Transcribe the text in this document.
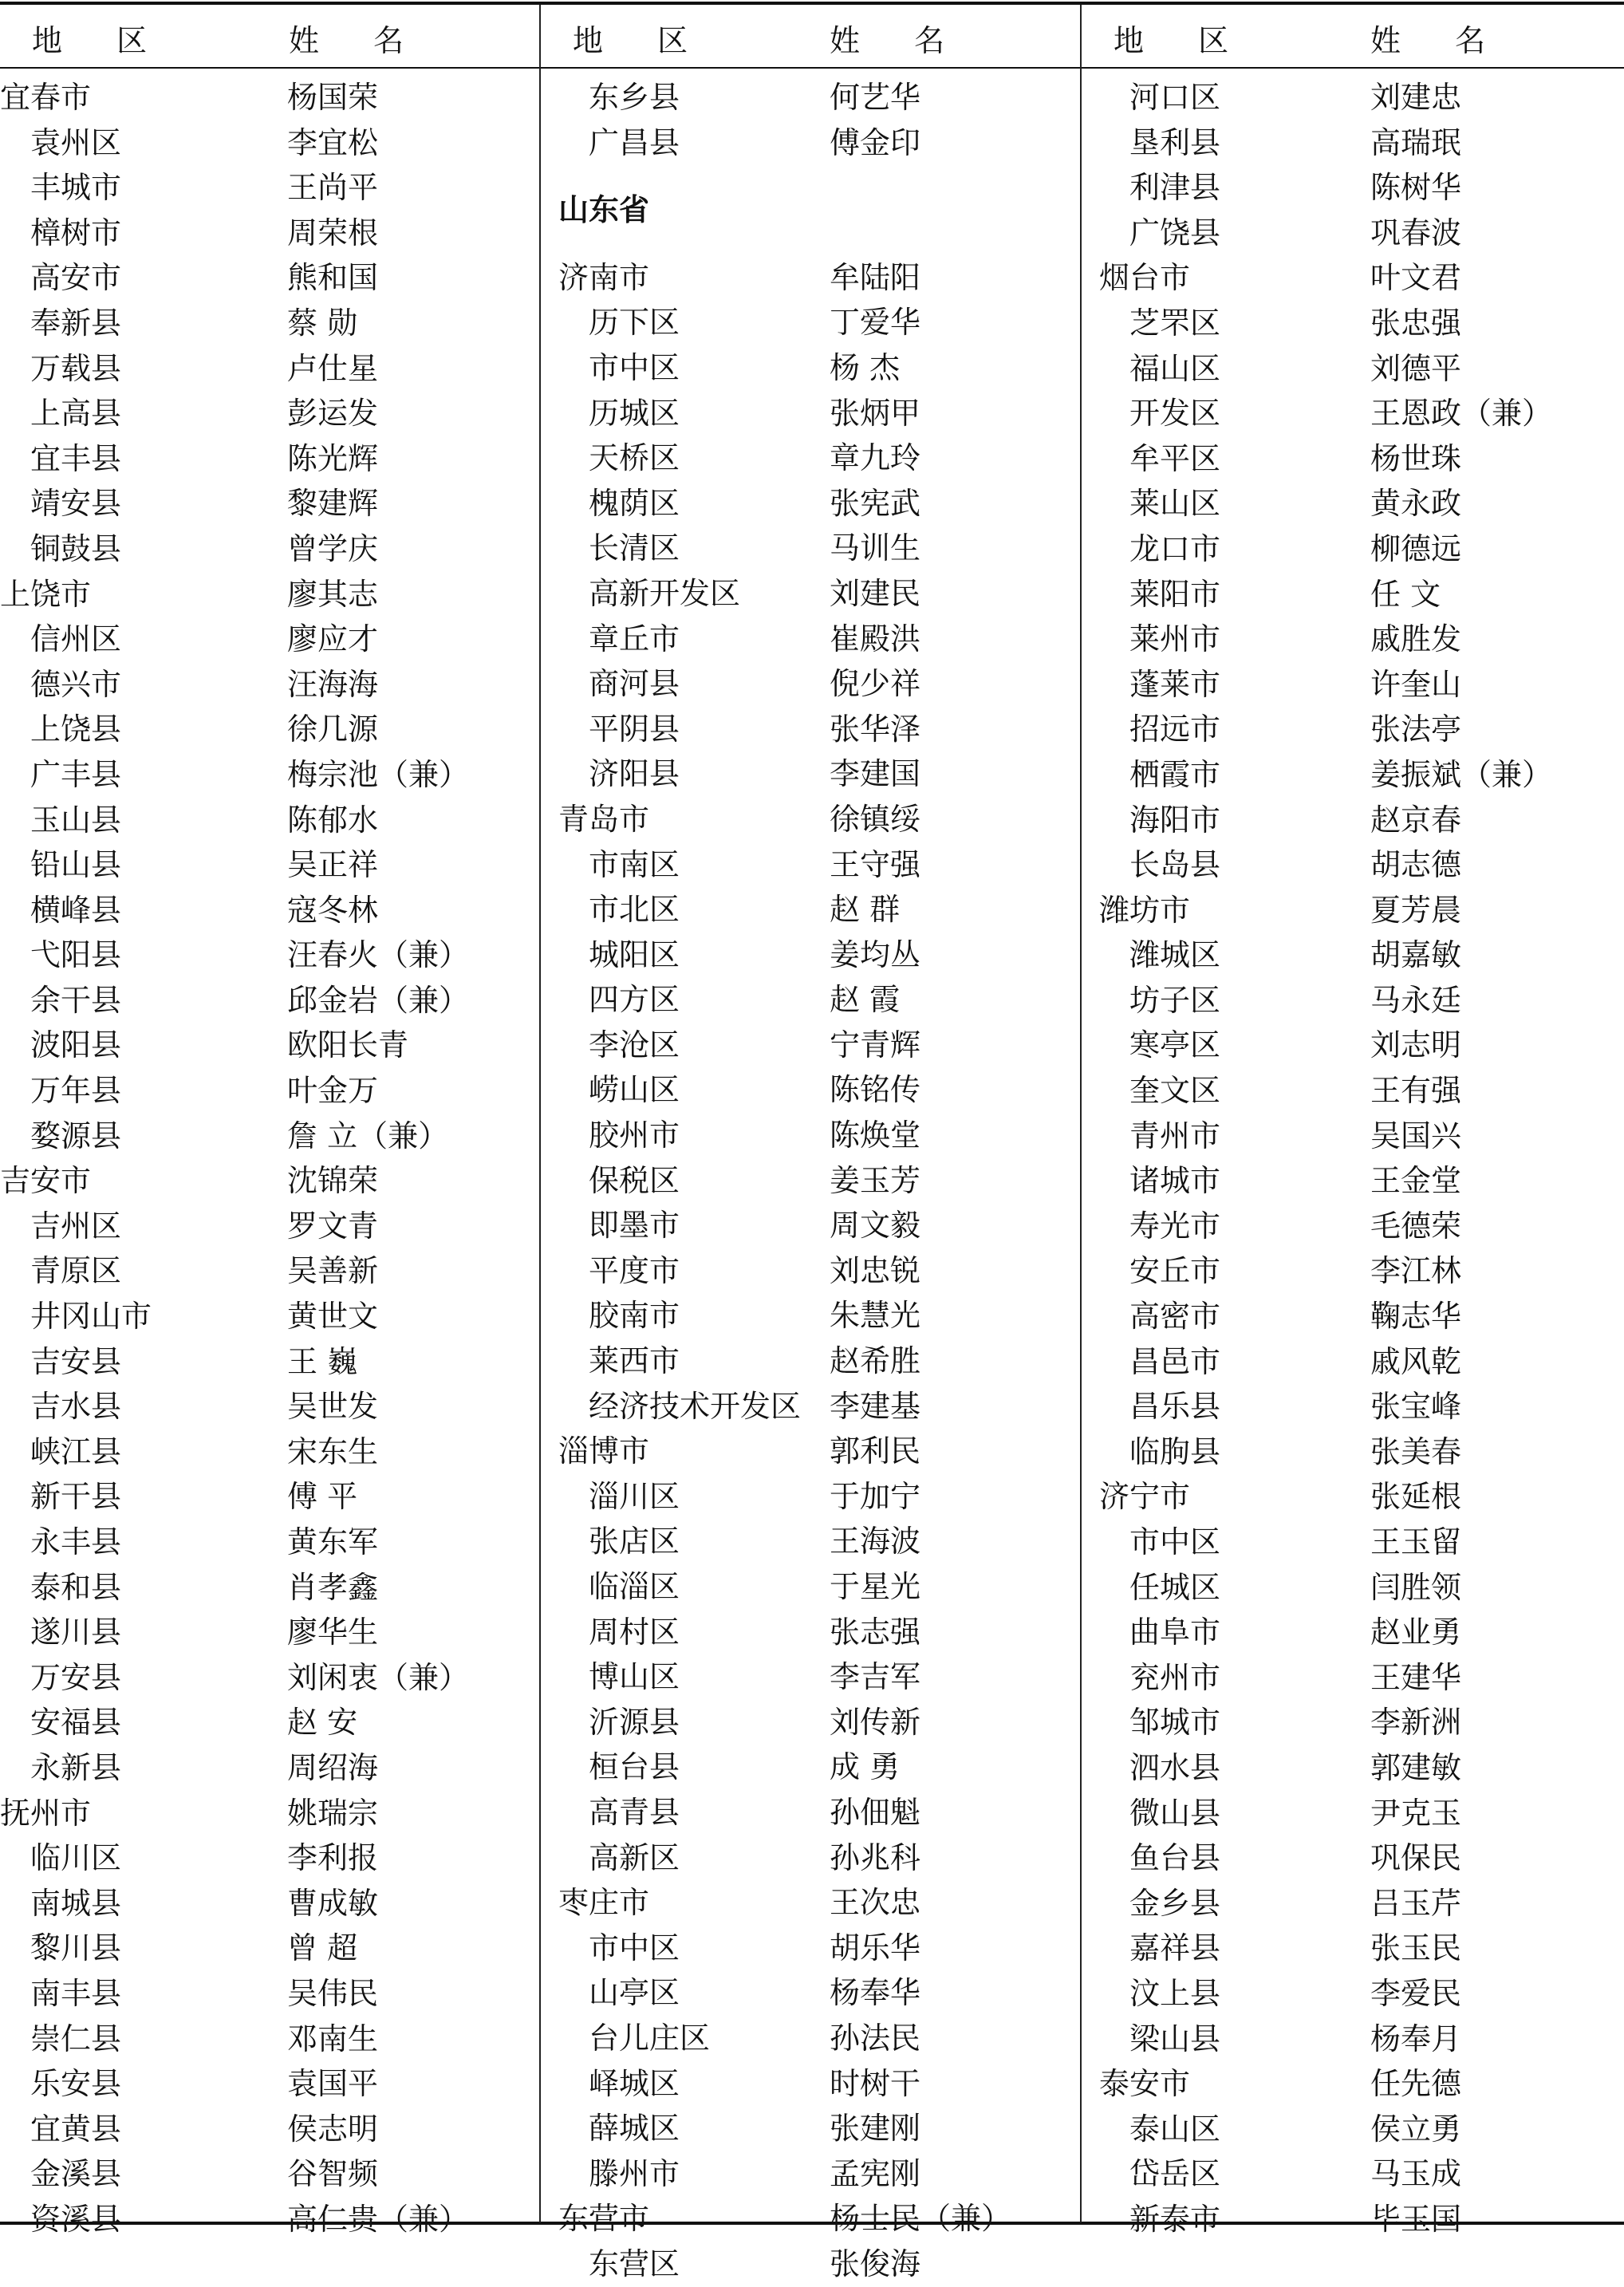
地 区	姓 名
宜春市	杨国荣
袁州区	李宜松
丰城市	王尚平
樟树市	周荣根
高安市	熊和国
奉新县	蔡 勋
万载县	卢仕星
上高县	彭运发
宜丰县	陈光辉
靖安县	黎建辉
铜鼓县	曾学庆
上饶市	廖其志
信州区	廖应才
德兴市	汪海海
上饶县	徐几源
广丰县	梅宗池（兼）
玉山县	陈郁水
铅山县	吴正祥
横峰县	寇冬林
弋阳县	汪春火（兼）
余干县	邱金岩（兼）
波阳县	欧阳长青
万年县	叶金万
婺源县	詹 立（兼）
吉安市	沈锦荣
吉州区	罗文青
青原区	吴善新
井冈山市	黄世文
吉安县	王 巍
吉水县	吴世发
峡江县	宋东生
新干县	傅 平
永丰县	黄东军
泰和县	肖孝鑫
遂川县	廖华生
万安县	刘闲衷（兼）
安福县	赵 安
永新县	周绍海
抚州市	姚瑞宗
临川区	李利报
南城县	曹成敏
黎川县	曾 超
南丰县	吴伟民
崇仁县	邓南生
乐安县	袁国平
宜黄县	侯志明
金溪县	谷智频
资溪县	高仁贵（兼）
地 区	姓 名
东乡县	何艺华
广昌县	傅金印
山东省
济南市	牟陆阳
历下区	丁爱华
市中区	杨 杰
历城区	张炳甲
天桥区	章九玲
槐荫区	张宪武
长清区	马训生
高新开发区	刘建民
章丘市	崔殿洪
商河县	倪少祥
平阴县	张华泽
济阳县	李建国
青岛市	徐镇绥
市南区	王守强
市北区	赵 群
城阳区	姜均丛
四方区	赵 霞
李沧区	宁青辉
崂山区	陈铭传
胶州市	陈焕堂
保税区	姜玉芳
即墨市	周文毅
平度市	刘忠锐
胶南市	朱慧光
莱西市	赵希胜
经济技术开发区 李建基
淄博市	郭利民
淄川区	于加宁
张店区	王海波
临淄区	于星光
周村区	张志强
博山区	李吉军
沂源县	刘传新
桓台县	成 勇
高青县	孙佃魁
高新区	孙兆科
枣庄市	王次忠
市中区	胡乐华
山亭区	杨奉华
台儿庄区	孙法民
峄城区	时树干
薛城区	张建刚
滕州市	孟宪刚
东营市	杨士民（兼）
东营区	张俊海
地 区	姓 名
河口区	刘建忠
垦利县	高瑞珉
利津县	陈树华
广饶县	巩春波
烟台市	叶文君
芝罘区	张忠强
福山区	刘德平
开发区	王恩政（兼）
牟平区	杨世珠
莱山区	黄永政
龙口市	柳德远
莱阳市	任 文
莱州市	戚胜发
蓬莱市	许奎山
招远市	张法亭
栖霞市	姜振斌（兼）
海阳市	赵京春
长岛县	胡志德
潍坊市	夏芳晨
潍城区	胡嘉敏
坊子区	马永廷
寒亭区	刘志明
奎文区	王有强
青州市	吴国兴
诸城市	王金堂
寿光市	毛德荣
安丘市	李江林
高密市	鞠志华
昌邑市	戚风乾
昌乐县	张宝峰
临朐县	张美春
济宁市	张延根
市中区	王玉留
任城区	闫胜领
曲阜市	赵业勇
兖州市	王建华
邹城市	李新洲
泗水县	郭建敏
微山县	尹克玉
鱼台县	巩保民
金乡县	吕玉芹
嘉祥县	张玉民
汶上县	李爱民
梁山县	杨奉月
泰安市	任先德
泰山区	侯立勇
岱岳区	马玉成
新泰市	毕玉国
